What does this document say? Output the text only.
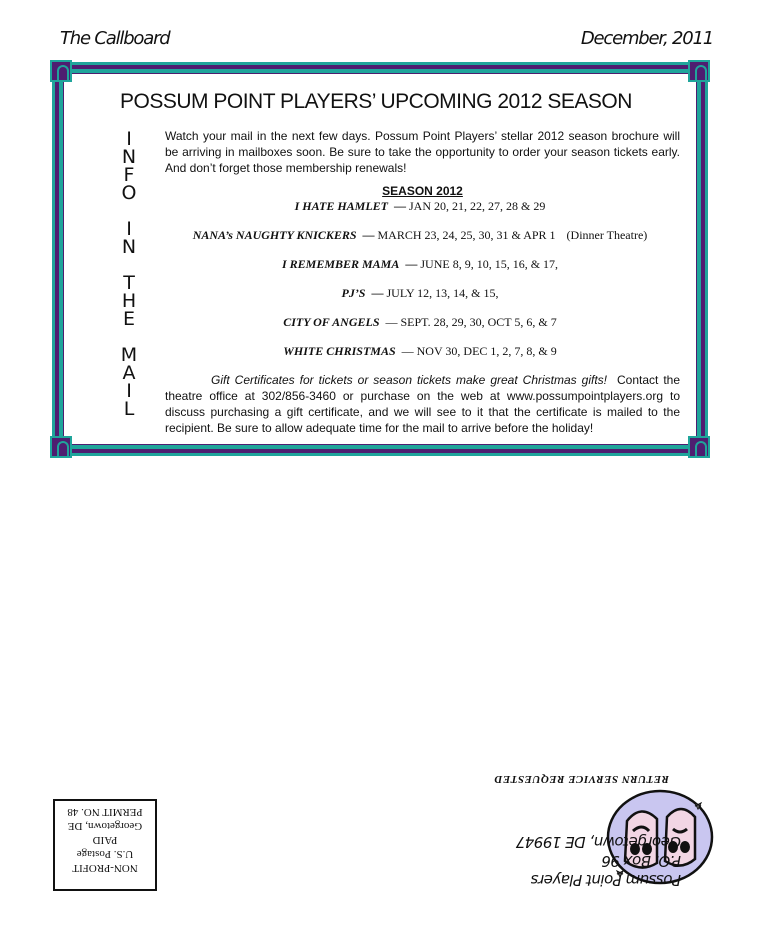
The Callboard	December, 2011
POSSUM POINT PLAYERS’ UPCOMING 2012 SEASON
I
N
F
O
I
N
T
H
E
M
A
I
L
Watch your mail in the next few days. Possum Point Players’ stellar 2012 season brochure will be arriving in mailboxes soon. Be sure to take the opportunity to order your season tickets early. And don’t forget those membership renewals!
SEASON 2012
I HATE HAMLET  — JAN 20, 21, 22, 27, 28 & 29
NANA’s NAUGHTY KNICKERS  — MARCH 23, 24, 25, 30, 31 & APR 1 (Dinner Theatre)
I REMEMBER MAMA  — JUNE 8, 9, 10, 15, 16, & 17,
PJ’S  — JULY 12, 13, 14, & 15,
CITY OF ANGELS  — SEPT. 28, 29, 30, OCT 5, 6, & 7
WHITE CHRISTMAS  — NOV 30, DEC 1, 2, 7, 8, & 9
Gift Certificates for tickets or season tickets make great Christmas gifts! Contact the theatre office at 302/856-3460 or purchase on the web at www.possumpointplayers.org to discuss purchasing a gift certificate, and we will see to it that the certificate is mailed to the recipient. Be sure to allow adequate time for the mail to arrive before the holiday!
Possum Point Players
P.O. Box 96
Georgetown, DE 19947
RETURN SERVICE REQUESTED
NON-PROFIT
U.S. Postage
PAID
Georgetown, DE
PERMIT NO. 48
